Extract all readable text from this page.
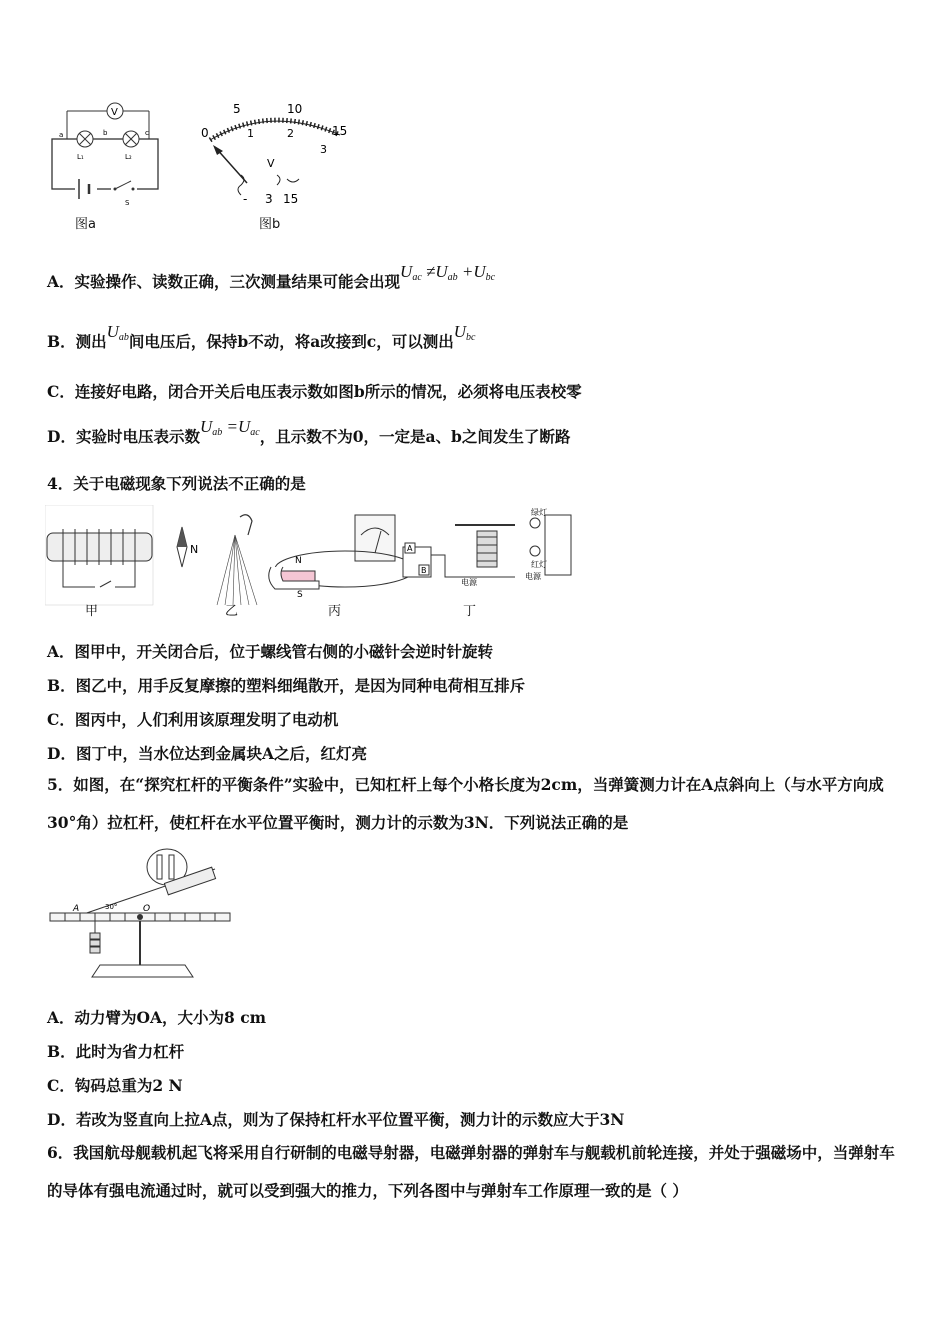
V
a	b	c
L₁	L₂
S
图a
5	10
15
0	1	2
3
V
- 3 15
图b
A．实验操作、读数正确，三次测量结果可能会出现$U_{ac} \ne U_{ab} +U_{bc}$
B．测出$U_{ab}$间电压后，保持b不动，将a改接到c，可以测出$U_{bc}$
C．连接好电路，闭合开关后电压表示数如图b所示的情况，必须将电压表校零
D．实验时电压表示数$U_{ab} =U_{ac}$，且示数不为0，一定是a、b之间发生了断路
4．关于电磁现象下列说法不正确的是
N
N
S
A
B
电源
绿灯
红灯
电源
甲	乙	丙	丁
A．图甲中，开关闭合后，位于螺线管右侧的小磁针会逆时针旋转
B．图乙中，用手反复摩擦的塑料细绳散开，是因为同种电荷相互排斥
C．图丙中，人们利用该原理发明了电动机
D．图丁中，当水位达到金属块A之后，红灯亮
5．如图，在“探究杠杆的平衡条件”实验中，已知杠杆上每个小格长度为2cm，当弹簧测力计在A点斜向上（与水平方向成30°角）拉杠杆，使杠杆在水平位置平衡时，测力计的示数为3N．下列说法正确的是
A	O
30°
A．动力臂为OA，大小为8 cm
B．此时为省力杠杆
C．钩码总重为2 N
D．若改为竖直向上拉A点，则为了保持杠杆水平位置平衡，测力计的示数应大于3N
6．我国航母舰载机起飞将采用自行研制的电磁导射器，电磁弹射器的弹射车与舰载机前轮连接，并处于强磁场中，当弹射车的导体有强电流通过时，就可以受到强大的推力，下列各图中与弹射车工作原理一致的是（ ）
